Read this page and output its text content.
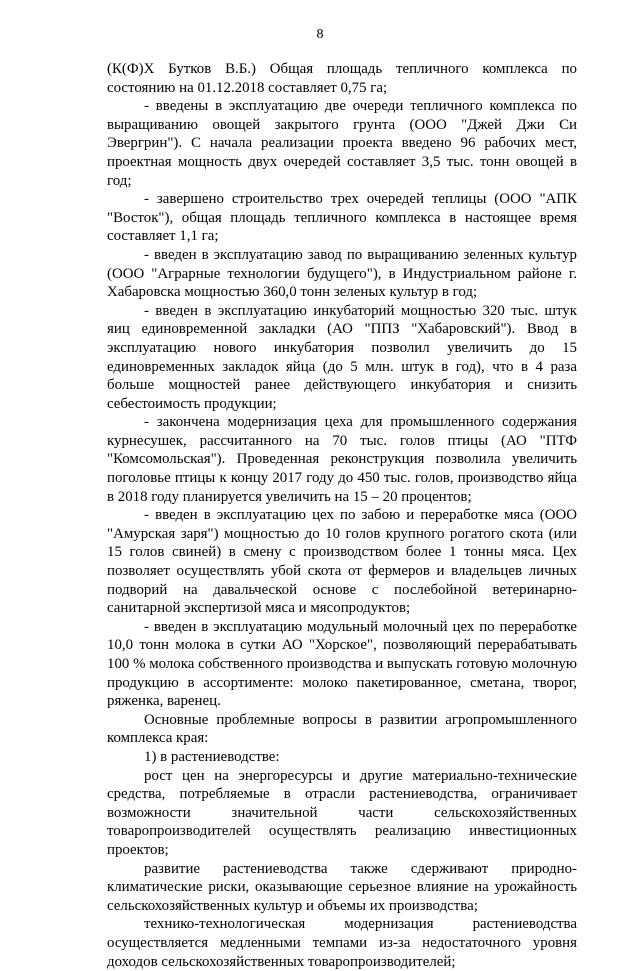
8

(К(Ф)Х Бутков В.Б.) Общая площадь тепличного комплекса по состоянию на 01.12.2018 составляет 0,75 га;

- введены в эксплуатацию две очереди тепличного комплекса по выращиванию овощей закрытого грунта (ООО "Джей Джи Си Эвергрин"). С начала реализации проекта введено 96 рабочих мест, проектная мощность двух очередей составляет 3,5 тыс. тонн овощей в год;

- завершено строительство трех очередей теплицы (ООО "АПК "Восток"), общая площадь тепличного комплекса в настоящее время составляет 1,1 га;

- введен в эксплуатацию завод по выращиванию зеленных культур (ООО "Аграрные технологии будущего"), в Индустриальном районе г. Хабаровска мощностью 360,0 тонн зеленых культур в год;

- введен в эксплуатацию инкубаторий мощностью 320 тыс. штук яиц единовременной закладки (АО "ППЗ "Хабаровский"). Ввод в эксплуатацию нового инкубатория позволил увеличить до 15 единовременных закладок яйца (до 5 млн. штук в год), что в 4 раза больше мощностей ранее действующего инкубатория и снизить себестоимость продукции;

- закончена модернизация цеха для промышленного содержания курнесушек, рассчитанного на 70 тыс. голов птицы (АО "ПТФ "Комсомольская"). Проведенная реконструкция позволила увеличить поголовье птицы к концу 2017 году до 450 тыс. голов, производство яйца в 2018 году планируется увеличить на 15 – 20 процентов;

- введен в эксплуатацию цех по забою и переработке мяса (ООО "Амурская заря") мощностью до 10 голов крупного рогатого скота (или 15 голов свиней) в смену с производством более 1 тонны мяса. Цех позволяет осуществлять убой скота от фермеров и владельцев личных подворий на давальческой основе с послебойной ветеринарно-санитарной экспертизой мяса и мясопродуктов;

- введен в эксплуатацию модульный молочный цех по переработке 10,0 тонн молока в сутки АО "Хорское", позволяющий перерабатывать 100 % молока собственного производства и выпускать готовую молочную продукцию в ассортименте: молоко пакетированное, сметана, творог, ряженка, варенец.

Основные проблемные вопросы в развитии агропромышленного комплекса края:

1) в растениеводстве:

рост цен на энергоресурсы и другие материально-технические средства, потребляемые в отрасли растениеводства, ограничивает возможности значительной части сельскохозяйственных товаропроизводителей осуществлять реализацию инвестиционных проектов;

развитие растениеводства также сдерживают природно-климатические риски, оказывающие серьезное влияние на урожайность сельскохозяйственных культур и объемы их производства;

технико-технологическая модернизация растениеводства осуществляется медленными темпами из-за недостаточного уровня доходов сельскохозяйственных товаропроизводителей;
